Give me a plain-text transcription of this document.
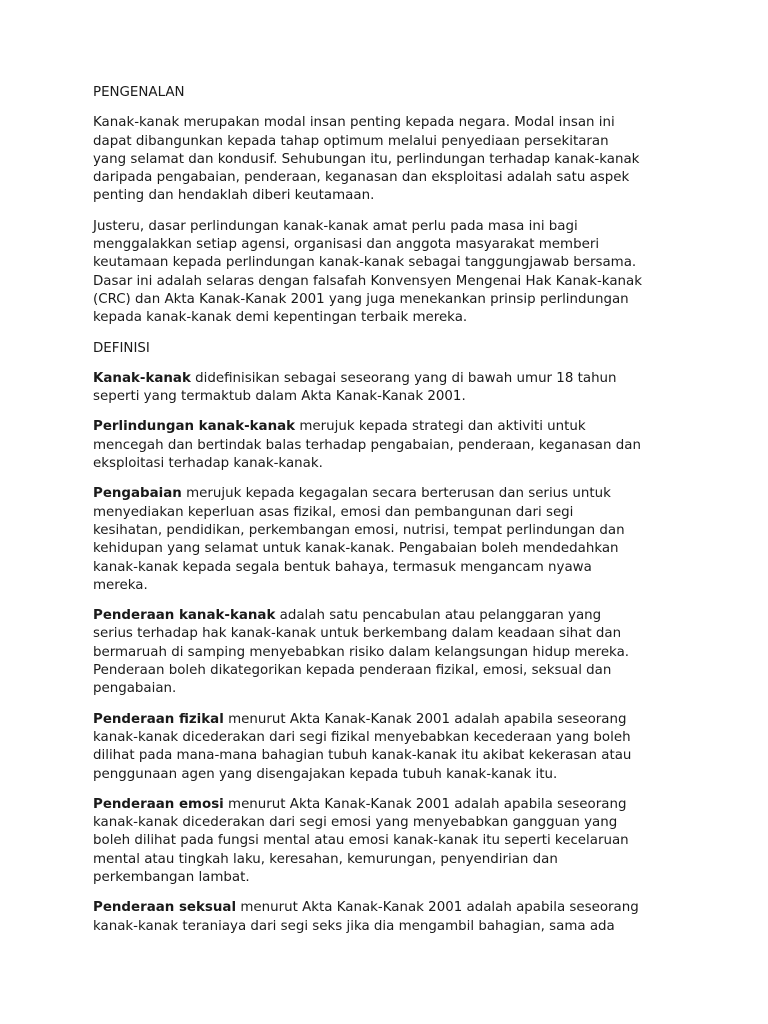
PENGENALAN

Kanak-kanak merupakan modal insan penting kepada negara. Modal insan ini
dapat dibangunkan kepada tahap optimum melalui penyediaan persekitaran
yang selamat dan kondusif. Sehubungan itu, perlindungan terhadap kanak-kanak
daripada pengabaian, penderaan, keganasan dan eksploitasi adalah satu aspek
penting dan hendaklah diberi keutamaan.

Justeru, dasar perlindungan kanak-kanak amat perlu pada masa ini bagi
menggalakkan setiap agensi, organisasi dan anggota masyarakat memberi
keutamaan kepada perlindungan kanak-kanak sebagai tanggungjawab bersama.
Dasar ini adalah selaras dengan falsafah Konvensyen Mengenai Hak Kanak-kanak
(CRC) dan Akta Kanak-Kanak 2001 yang juga menekankan prinsip perlindungan
kepada kanak-kanak demi kepentingan terbaik mereka.

DEFINISI

Kanak-kanak didefinisikan sebagai seseorang yang di bawah umur 18 tahun
seperti yang termaktub dalam Akta Kanak-Kanak 2001.

Perlindungan kanak-kanak merujuk kepada strategi dan aktiviti untuk
mencegah dan bertindak balas terhadap pengabaian, penderaan, keganasan dan
eksploitasi terhadap kanak-kanak.

Pengabaian merujuk kepada kegagalan secara berterusan dan serius untuk
menyediakan keperluan asas fizikal, emosi dan pembangunan dari segi
kesihatan, pendidikan, perkembangan emosi, nutrisi, tempat perlindungan dan
kehidupan yang selamat untuk kanak-kanak. Pengabaian boleh mendedahkan
kanak-kanak kepada segala bentuk bahaya, termasuk mengancam nyawa
mereka.

Penderaan kanak-kanak adalah satu pencabulan atau pelanggaran yang
serius terhadap hak kanak-kanak untuk berkembang dalam keadaan sihat dan
bermaruah di samping menyebabkan risiko dalam kelangsungan hidup mereka.
Penderaan boleh dikategorikan kepada penderaan fizikal, emosi, seksual dan
pengabaian.

Penderaan fizikal menurut Akta Kanak-Kanak 2001 adalah apabila seseorang
kanak-kanak dicederakan dari segi fizikal menyebabkan kecederaan yang boleh
dilihat pada mana-mana bahagian tubuh kanak-kanak itu akibat kekerasan atau
penggunaan agen yang disengajakan kepada tubuh kanak-kanak itu.

Penderaan emosi menurut Akta Kanak-Kanak 2001 adalah apabila seseorang
kanak-kanak dicederakan dari segi emosi yang menyebabkan gangguan yang
boleh dilihat pada fungsi mental atau emosi kanak-kanak itu seperti kecelaruan
mental atau tingkah laku, keresahan, kemurungan, penyendirian dan
perkembangan lambat.

Penderaan seksual menurut Akta Kanak-Kanak 2001 adalah apabila seseorang
kanak-kanak teraniaya dari segi seks jika dia mengambil bahagian, sama ada
